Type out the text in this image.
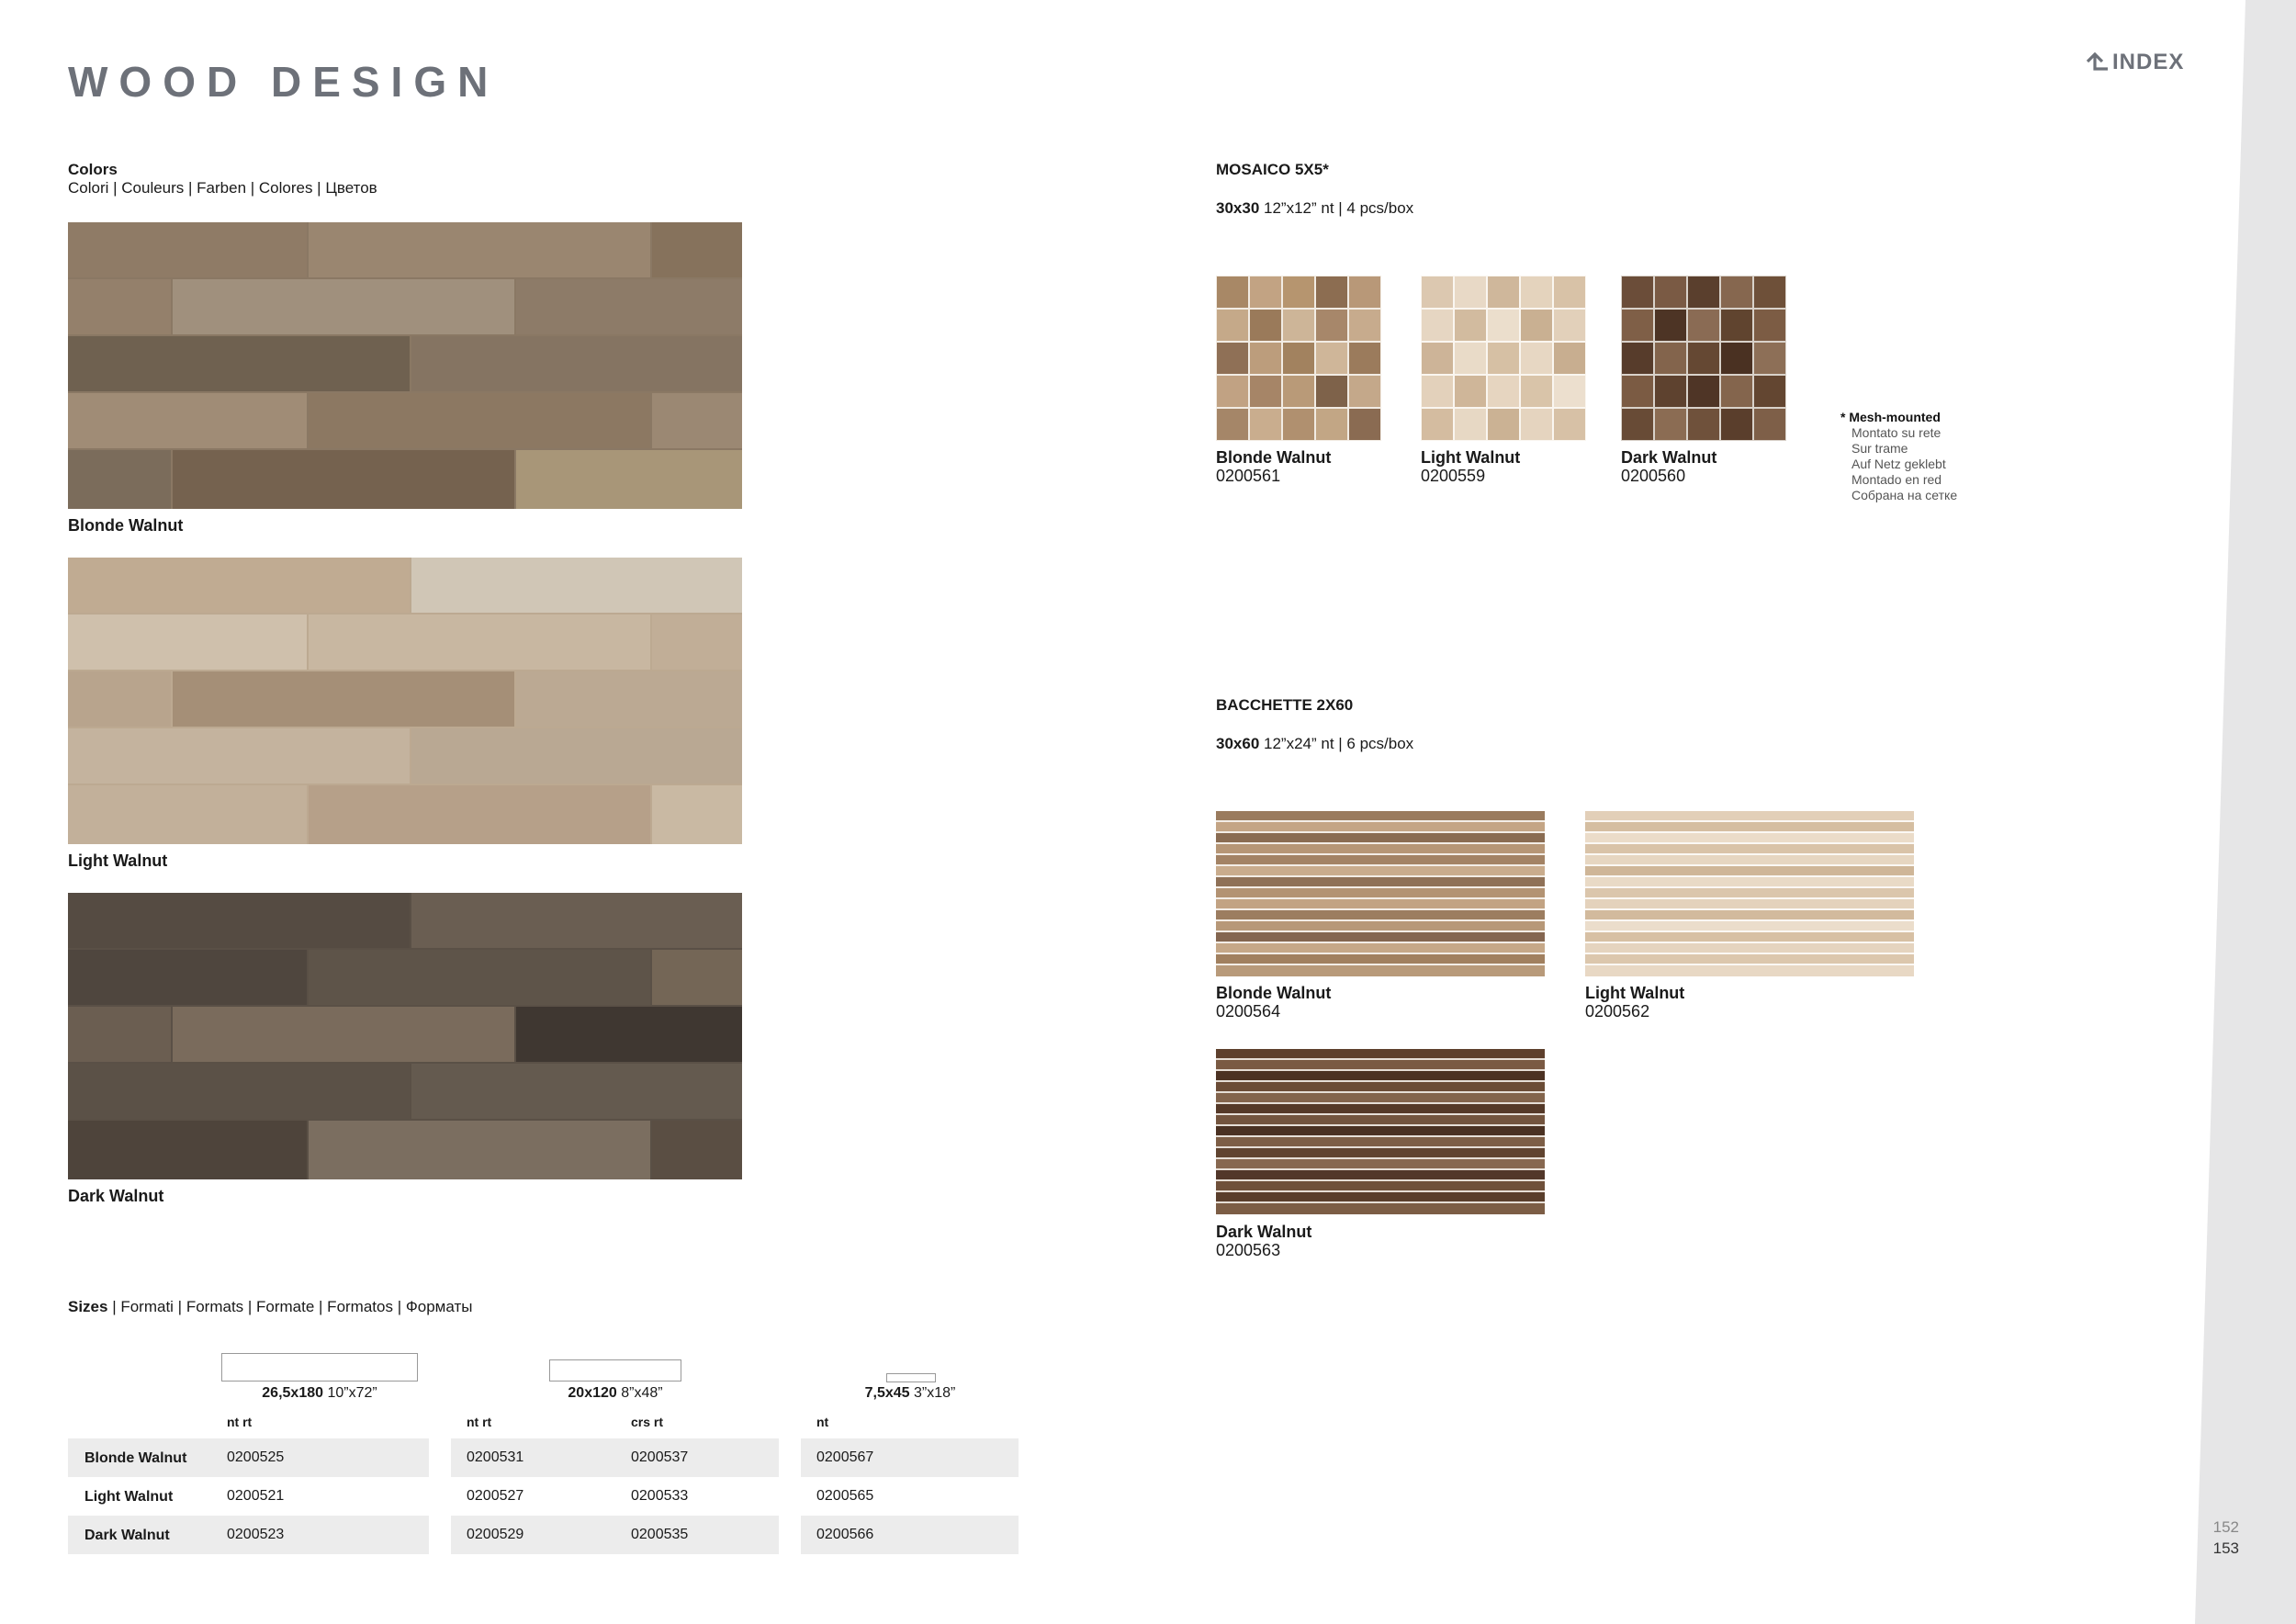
WOOD DESIGN	INDEX
Colors
Colori | Couleurs | Farben | Colores | Цветов
Blonde Walnut
Light Walnut
Dark Walnut
MOSAICO 5X5*
30x30 12”x12” nt | 4 pcs/box
Blonde Walnut
0200561
Light Walnut
0200559
Dark Walnut
0200560
* Mesh-mounted
Montato su rete
Sur trame
Auf Netz geklebt
Montado en red
Собрана на сетке
BACCHETTE 2X60
30x60 12”x24” nt | 6 pcs/box
Blonde Walnut
0200564
Light Walnut
0200562
Dark Walnut
0200563
Sizes | Formati | Formats | Formate | Formatos | Форматы
26,5x180 10”x72”	20x120 8”x48”	7,5x45 3”x18”
nt rt	nt rt	crs rt	nt
Blonde Walnut	0200525	0200531	0200537	0200567
Light Walnut	0200521	0200527	0200533	0200565
Dark Walnut	0200523	0200529	0200535	0200566	152
153
